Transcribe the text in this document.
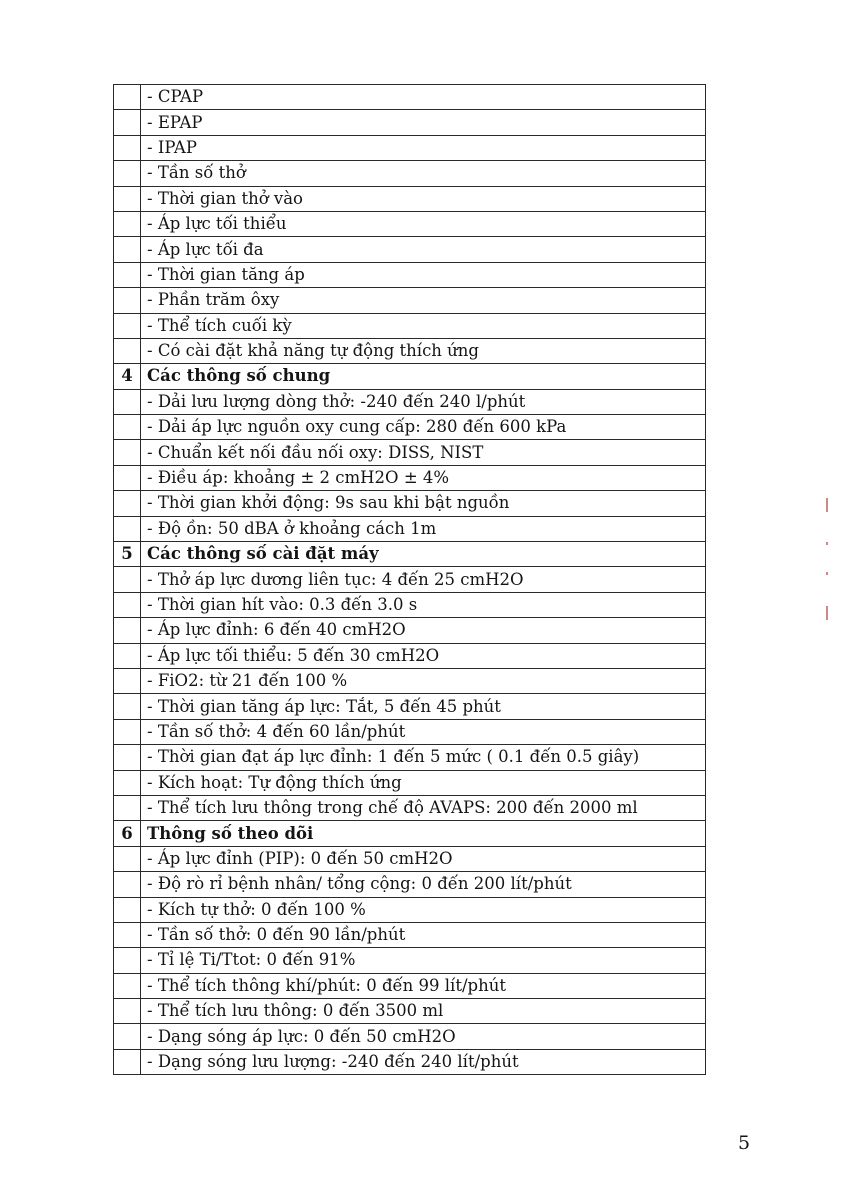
	- CPAP
	- EPAP
	- IPAP
	- Tần số thở
	- Thời gian thở vào
	- Áp lực tối thiểu
	- Áp lực tối đa
	- Thời gian tăng áp
	- Phần trăm ôxy
	- Thể tích cuối kỳ
	- Có cài đặt khả năng tự động thích ứng
4	Các thông số chung
	- Dải lưu lượng dòng thở: -240 đến 240 l/phút
	- Dải áp lực nguồn oxy cung cấp: 280 đến 600 kPa
	- Chuẩn kết nối đầu nối oxy: DISS, NIST
	- Điều áp: khoảng ± 2 cmH2O ± 4%
	- Thời gian khởi động: 9s sau khi bật nguồn
	- Độ ồn: 50 dBA ở khoảng cách 1m
5	Các thông số cài đặt máy
	- Thở áp lực dương liên tục: 4 đến 25 cmH2O
	- Thời gian hít vào: 0.3 đến 3.0 s
	- Áp lực đỉnh: 6 đến 40 cmH2O
	- Áp lực tối thiểu: 5 đến 30 cmH2O
	- FiO2: từ 21 đến 100 %
	- Thời gian tăng áp lực: Tắt, 5 đến 45 phút
	- Tần số thở: 4 đến 60 lần/phút
	- Thời gian đạt áp lực đỉnh: 1 đến 5 mức ( 0.1 đến 0.5 giây)
	- Kích hoạt: Tự động thích ứng
	- Thể tích lưu thông trong chế độ AVAPS: 200 đến 2000 ml
6	Thông số theo dõi
	- Áp lực đỉnh (PIP): 0 đến 50 cmH2O
	- Độ rò rỉ bệnh nhân/ tổng cộng: 0 đến 200 lít/phút
	- Kích tự thở: 0 đến 100 %
	- Tần số thở: 0 đến 90 lần/phút
	- Tỉ lệ Ti/Ttot: 0 đến 91%
	- Thể tích thông khí/phút: 0 đến 99 lít/phút
	- Thể tích lưu thông: 0 đến 3500 ml
	- Dạng sóng áp lực: 0 đến 50 cmH2O
	- Dạng sóng lưu lượng: -240 đến 240 lít/phút
5
